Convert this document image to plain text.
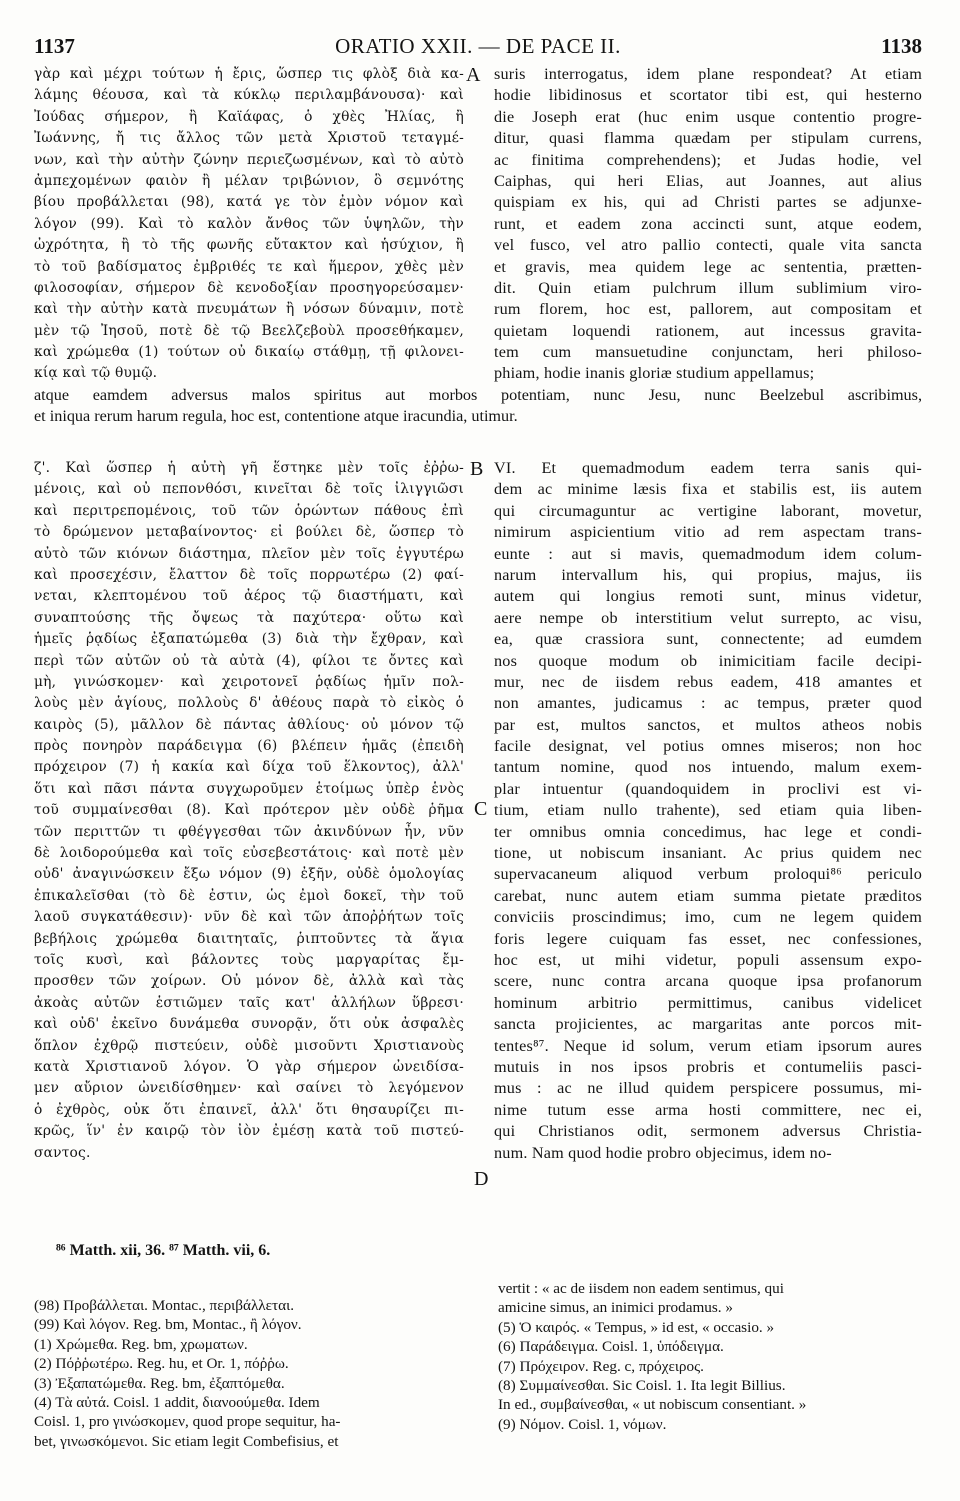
1137	ORATIO XXII. — DE PACE II.	1138
A
B
C
D
γὰρ καὶ μέχρι τούτων ἡ ἔρις, ὥσπερ τις φλὸξ διὰ κα-
λάμης θέουσα, καὶ τὰ κύκλῳ περιλαμβάνουσα)· καὶ
Ἰούδας σήμερον, ἢ Καϊάφας, ὁ χθὲς Ἠλίας, ἢ
Ἰωάννης, ἤ τις ἄλλος τῶν μετὰ Χριστοῦ τεταγμέ-
νων, καὶ τὴν αὐτὴν ζώνην περιεζωσμένων, καὶ τὸ αὐτὸ
ἀμπεχομένων φαιὸν ἢ μέλαν τριβώνιον, ὃ σεμνότης
βίου προβάλλεται (98), κατά γε τὸν ἐμὸν νόμον καὶ
λόγον (99). Καὶ τὸ καλὸν ἄνθος τῶν ὑψηλῶν, τὴν
ὠχρότητα, ἢ τὸ τῆς φωνῆς εὔτακτον καὶ ἡσύχιον, ἢ
τὸ τοῦ βαδίσματος ἐμβριθές τε καὶ ἥμερον, χθὲς μὲν
φιλοσοφίαν, σήμερον δὲ κενοδοξίαν προσηγορεύσαμεν·
καὶ τὴν αὐτὴν κατὰ πνευμάτων ἢ νόσων δύναμιν, ποτὲ
μὲν τῷ Ἰησοῦ, ποτὲ δὲ τῷ Βεελζεβοὺλ προσεθήκαμεν,
καὶ χρώμεθα (1) τούτων οὐ δικαίῳ στάθμῃ, τῇ φιλονει-
κίᾳ καὶ τῷ θυμῷ.
suris interrogatus, idem plane respondeat? At etiam
hodie libidinosus et scortator tibi est, qui hesterno
die Joseph erat (huc enim usque contentio progre-
ditur, quasi flamma quædam per stipulam currens,
ac finitima comprehendens); et Judas hodie, vel
Caiphas, qui heri Elias, aut Joannes, aut alius
quispiam ex his, qui ad Christi partes se adjunxe-
runt, et eadem zona accincti sunt, atque eodem,
vel fusco, vel atro pallio contecti, quale vita sancta
et gravis, mea quidem lege ac sententia, prætten-
dit. Quin etiam pulchrum illum sublimium viro-
rum florem, hoc est, pallorem, aut compositam et
quietam loquendi rationem, aut incessus gravita-
tem cum mansuetudine conjunctam, heri philoso-
phiam, hodie inanis gloriæ studium appellamus;
atque eamdem adversus malos spiritus aut morbos potentiam, nunc Jesu, nunc Beelzebul ascribimus,
et iniqua rerum harum regula, hoc est, contentione atque iracundia, utimur.
ζ'. Καὶ ὥσπερ ἡ αὐτὴ γῆ ἕστηκε μὲν τοῖς ἐῤῥω-
μένοις, καὶ οὐ πεπονθόσι, κινεῖται δὲ τοῖς ἰλιγγιῶσι
καὶ περιτρεπομένοις, τοῦ τῶν ὁρώντων πάθους ἐπὶ
τὸ δρώμενον μεταβαίνοντος· εἰ βούλει δὲ, ὥσπερ τὸ
αὐτὸ τῶν κιόνων διάστημα, πλεῖον μὲν τοῖς ἐγγυτέρω
καὶ προσεχέσιν, ἔλαττον δὲ τοῖς πορρωτέρω (2) φαί-
νεται, κλεπτομένου τοῦ ἀέρος τῷ διαστήματι, καὶ
συναπτούσης τῆς ὄψεως τὰ παχύτερα· οὕτω καὶ
ἡμεῖς ῥᾳδίως ἐξαπατώμεθα (3) διὰ τὴν ἔχθραν, καὶ
περὶ τῶν αὐτῶν οὐ τὰ αὐτὰ (4), φίλοι τε ὄντες καὶ
μὴ, γινώσκομεν· καὶ χειροτονεῖ ῥᾳδίως ἡμῖν πολ-
λοὺς μὲν ἁγίους, πολλοὺς δ' ἀθέους παρὰ τὸ εἰκὸς ὁ
καιρὸς (5), μᾶλλον δὲ πάντας ἀθλίους· οὐ μόνον τῷ
πρὸς πονηρὸν παράδειγμα (6) βλέπειν ἡμᾶς (ἐπειδὴ
πρόχειρον (7) ἡ κακία καὶ δίχα τοῦ ἕλκοντος), ἀλλ'
ὅτι καὶ πᾶσι πάντα συγχωροῦμεν ἑτοίμως ὑπὲρ ἑνὸς
τοῦ συμμαίνεσθαι (8). Καὶ πρότερον μὲν οὐδὲ ῥῆμα
τῶν περιττῶν τι φθέγγεσθαι τῶν ἀκινδύνων ἦν, νῦν
δὲ λοιδορούμεθα καὶ τοῖς εὐσεβεστάτοις· καὶ ποτὲ μὲν
οὐδ' ἀναγινώσκειν ἔξω νόμον (9) ἐξῆν, οὐδὲ ὁμολογίας
ἐπικαλεῖσθαι (τὸ δὲ ἐστιν, ὡς ἐμοὶ δοκεῖ, τὴν τοῦ
λαοῦ συγκατάθεσιν)· νῦν δὲ καὶ τῶν ἀποῤῥήτων τοῖς
βεβήλοις χρώμεθα διαιτηταῖς, ῥιπτοῦντες τὰ ἅγια
τοῖς κυσὶ, καὶ βάλοντες τοὺς μαργαρίτας ἔμ-
προσθεν τῶν χοίρων. Οὐ μόνον δὲ, ἀλλὰ καὶ τὰς
ἀκοὰς αὐτῶν ἑστιῶμεν ταῖς κατ' ἀλλήλων ὕβρεσι·
καὶ οὐδ' ἐκεῖνο δυνάμεθα συνορᾷν, ὅτι οὐκ ἀσφαλὲς
ὅπλον ἐχθρῷ πιστεύειν, οὐδὲ μισοῦντι Χριστιανοὺς
κατὰ Χριστιανοῦ λόγον. Ὁ γὰρ σήμερον ὠνειδίσα-
μεν αὔριον ὠνειδίσθημεν· καὶ σαίνει τὸ λεγόμενον
ὁ ἐχθρὸς, οὐκ ὅτι ἐπαινεῖ, ἀλλ' ὅτι θησαυρίζει πι-
κρῶς, ἵν' ἐν καιρῷ τὸν ἰὸν ἐμέσῃ κατὰ τοῦ πιστεύ-
σαντος.
VI. Et quemadmodum eadem terra sanis qui-
dem ac minime læsis fixa et stabilis est, iis autem
qui circumaguntur ac vertigine laborant, movetur,
nimirum aspicientium vitio ad rem aspectam trans-
eunte : aut si mavis, quemadmodum idem colum-
narum intervallum his, qui propius, majus, iis
autem qui longius remoti sunt, minus videtur,
aere nempe ob interstitium velut surrepto, ac visu,
ea, quæ crassiora sunt, connectente; ad eumdem
nos quoque modum ob inimicitiam facile decipi-
mur, nec de iisdem rebus eadem, 418 amantes et
non amantes, judicamus : ac tempus, præter quod
par est, multos sanctos, et multos atheos nobis
facile designat, vel potius omnes miseros; non hoc
tantum nomine, quod nos intuendo, malum exem-
plar intuentur (quandoquidem in proclivi est vi-
tium, etiam nullo trahente), sed etiam quia liben-
ter omnibus omnia concedimus, hac lege et condi-
tione, ut nobiscum insaniant. Ac prius quidem nec
supervacaneum aliquod verbum proloqui⁸⁶ periculo
carebat, nunc autem etiam summa pietate præditos
conviciis proscindimus; imo, cum ne legem quidem
foris legere cuiquam fas esset, nec confessiones,
hoc est, ut mihi videtur, populi assensum expo-
scere, nunc contra arcana quoque ipsa profanorum
hominum arbitrio permittimus, canibus videlicet
sancta projicientes, ac margaritas ante porcos mit-
tentes⁸⁷. Neque id solum, verum etiam ipsorum aures
mutuis in nos ipsos probris et contumeliis pasci-
mus : ac ne illud quidem perspicere possumus, mi-
nime tutum esse arma hosti committere, nec ei,
qui Christianos odit, sermonem adversus Christia-
num. Nam quod hodie probro objecimus, idem no-
⁸⁶ Matth. xii, 36. ⁸⁷ Matth. vii, 6.
(98) Προβάλλεται. Montac., περιβάλλεται.
(99) Καὶ λόγον. Reg. bm, Montac., ἢ λόγον.
(1) Χρώμεθα. Reg. bm, χρωματων.
(2) Πόῤῥωτέρω. Reg. hu, et Or. 1, πόῤῥω.
(3) Ἐξαπατώμεθα. Reg. bm, ἐξαπτόμεθα.
(4) Τὰ αὐτά. Coisl. 1 addit, διανοούμεθα. Idem
Coisl. 1, pro γινώσκομεν, quod prope sequitur, ha-
bet, γινωσκόμενοι. Sic etiam legit Combefisius, et
vertit : « ac de iisdem non eadem sentimus, qui
amicine simus, an inimici prodamus. »
(5) Ὁ καιρός. « Tempus, » id est, « occasio. »
(6) Παράδειγμα. Coisl. 1, ὑπόδειγμα.
(7) Πρόχειρον. Reg. c, πρόχειρος.
(8) Συμμαίνεσθαι. Sic Coisl. 1. Ita legit Billius.
In ed., συμβαίνεσθαι, « ut nobiscum consentiant. »
(9) Νόμον. Coisl. 1, νόμων.
